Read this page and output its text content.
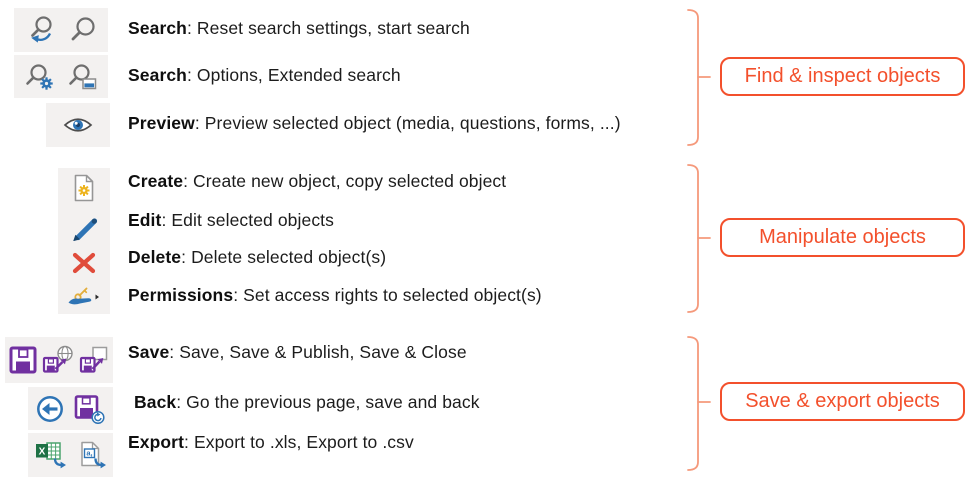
X	a,
Search: Reset search settings, start search
Search: Options, Extended search
Preview: Preview selected object (media, questions, forms, ...)
Create: Create new object, copy selected object
Edit: Edit selected objects
Delete: Delete selected object(s)
Permissions: Set access rights to selected object(s)
Save: Save, Save & Publish, Save & Close
Back: Go the previous page, save and back
Export: Export to .xls, Export to .csv
Find & inspect objects
Manipulate objects
Save & export objects
